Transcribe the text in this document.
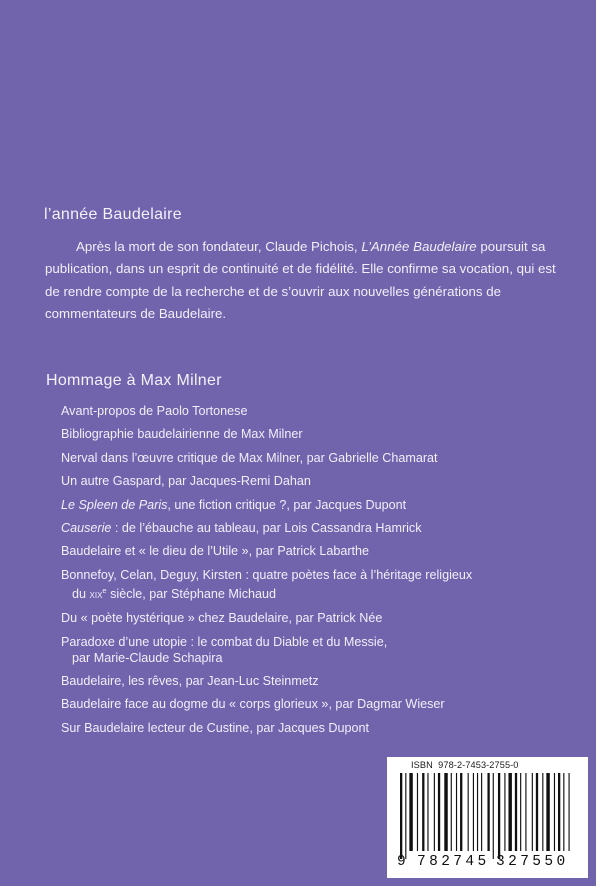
l’année Baudelaire

Après la mort de son fondateur, Claude Pichois, L’Année Baudelaire poursuit sa publication, dans un esprit de continuité et de fidélité. Elle confirme sa vocation, qui est de rendre compte de la recherche et de s’ouvrir aux nouvelles générations de commentateurs de Baudelaire.

Hommage à Max Milner
Avant-propos de Paolo Tortonese
Bibliographie baudelairienne de Max Milner
Nerval dans l’œuvre critique de Max Milner, par Gabrielle Chamarat
Un autre Gaspard, par Jacques-Remi Dahan
Le Spleen de Paris, une fiction critique ?, par Jacques Dupont
Causerie : de l’ébauche au tableau, par Lois Cassandra Hamrick
Baudelaire et « le dieu de l’Utile », par Patrick Labarthe
Bonnefoy, Celan, Deguy, Kirsten : quatre poètes face à l’héritage religieux
du xix$^e$ siècle, par Stéphane Michaud
Du « poète hystérique » chez Baudelaire, par Patrick Née
Paradoxe d’une utopie : le combat du Diable et du Messie,
par Marie-Claude Schapira
Baudelaire, les rêves, par Jean-Luc Steinmetz
Baudelaire face au dogme du « corps glorieux », par Dagmar Wieser
Sur Baudelaire lecteur de Custine, par Jacques Dupont
ISBN 978-2-7453-2755-0
9 782745 327550
